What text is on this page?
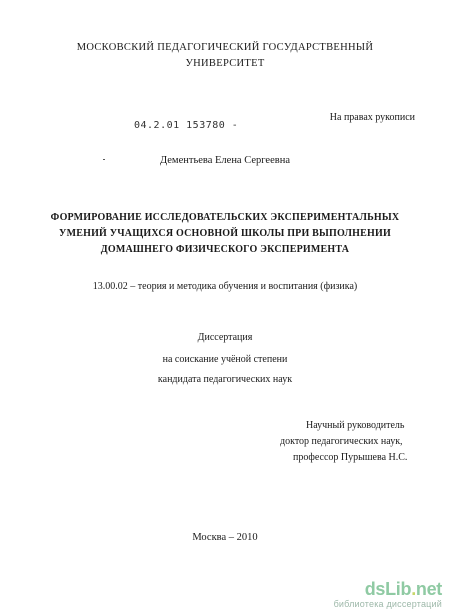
МОСКОВСКИЙ ПЕДАГОГИЧЕСКИЙ ГОСУДАРСТВЕННЫЙ
УНИВЕРСИТЕТ
04.2.01 153780 -
На правах рукописи
Дементьева Елена Сергеевна
ФОРМИРОВАНИЕ ИССЛЕДОВАТЕЛЬСКИХ ЭКСПЕРИМЕНТАЛЬНЫХ
УМЕНИЙ УЧАЩИХСЯ ОСНОВНОЙ ШКОЛЫ ПРИ ВЫПОЛНЕНИИ
ДОМАШНЕГО ФИЗИЧЕСКОГО ЭКСПЕРИМЕНТА
13.00.02 – теория и методика обучения и воспитания (физика)
Диссертация
на соискание учёной степени
кандидата педагогических наук
Научный руководитель
доктор педагогических наук,
профессор Пурышева Н.С.
Москва – 2010
dsLib.net
библиотека диссертаций
